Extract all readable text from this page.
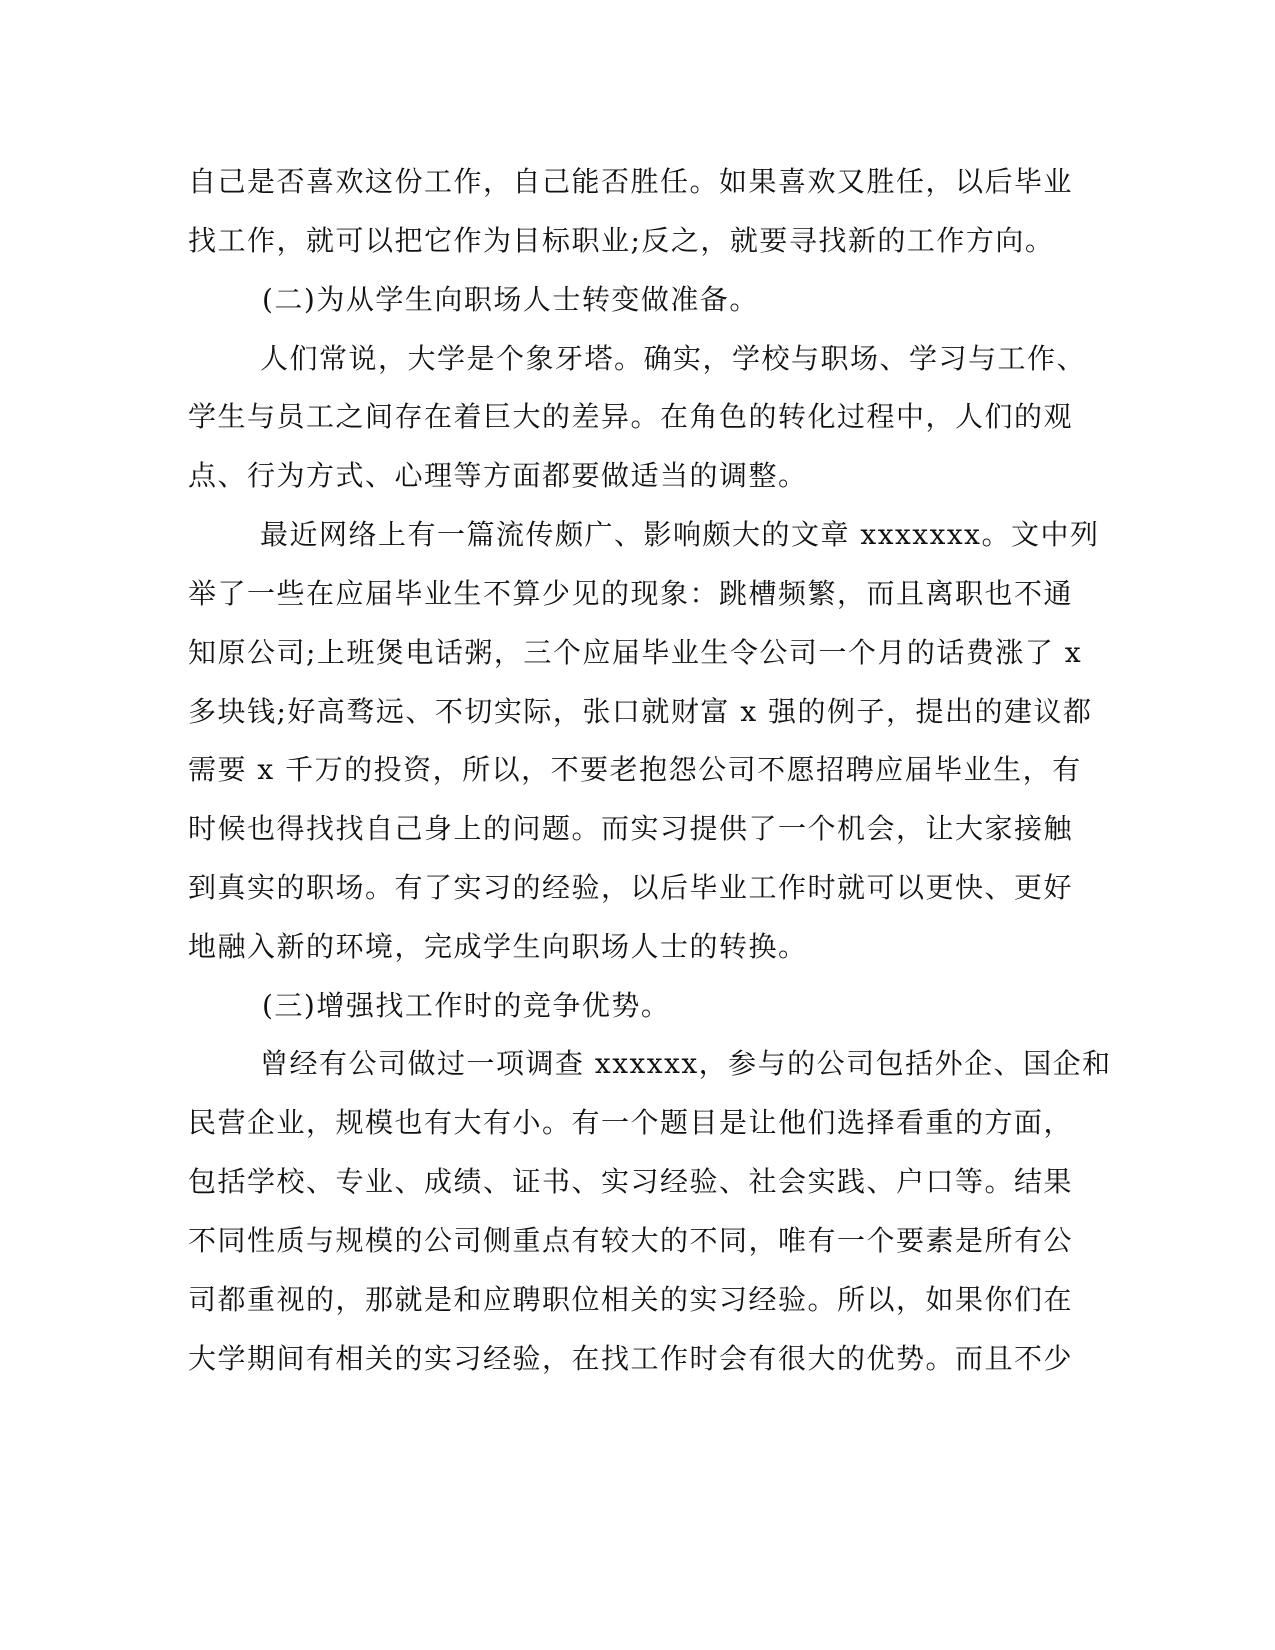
自己是否喜欢这份工作，自己能否胜任。如果喜欢又胜任，以后毕业
找工作，就可以把它作为目标职业;反之，就要寻找新的工作方向。
(二)为从学生向职场人士转变做准备。
人们常说，大学是个象牙塔。确实，学校与职场、学习与工作、
学生与员工之间存在着巨大的差异。在角色的转化过程中，人们的观
点、行为方式、心理等方面都要做适当的调整。
最近网络上有一篇流传颇广、影响颇大的文章 xxxxxxx。文中列
举了一些在应届毕业生不算少见的现象：跳槽频繁，而且离职也不通
知原公司;上班煲电话粥，三个应届毕业生令公司一个月的话费涨了 x
多块钱;好高骛远、不切实际，张口就财富 x 强的例子，提出的建议都
需要 x 千万的投资，所以，不要老抱怨公司不愿招聘应届毕业生，有
时候也得找找自己身上的问题。而实习提供了一个机会，让大家接触
到真实的职场。有了实习的经验，以后毕业工作时就可以更快、更好
地融入新的环境，完成学生向职场人士的转换。
(三)增强找工作时的竞争优势。
曾经有公司做过一项调查 xxxxxx，参与的公司包括外企、国企和
民营企业，规模也有大有小。有一个题目是让他们选择看重的方面，
包括学校、专业、成绩、证书、实习经验、社会实践、户口等。结果
不同性质与规模的公司侧重点有较大的不同，唯有一个要素是所有公
司都重视的，那就是和应聘职位相关的实习经验。所以，如果你们在
大学期间有相关的实习经验，在找工作时会有很大的优势。而且不少
